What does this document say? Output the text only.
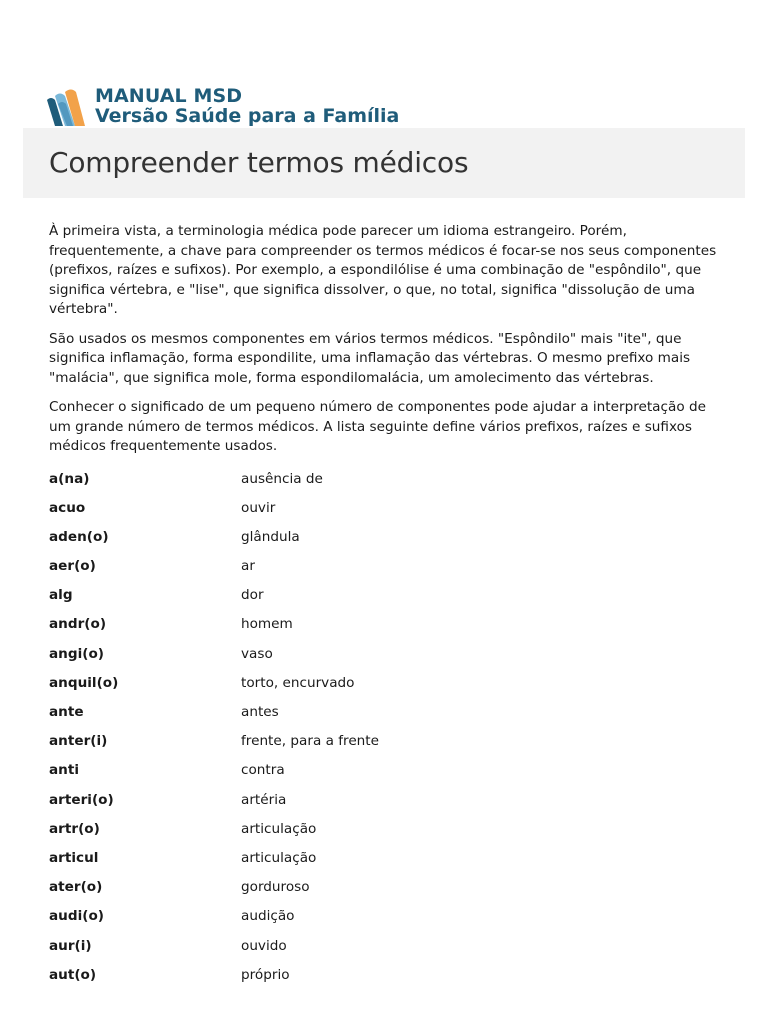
MANUAL MSD
Versão Saúde para a Família
Compreender termos médicos

À primeira vista, a terminologia médica pode parecer um idioma estrangeiro. Porém, frequentemente, a chave para compreender os termos médicos é focar-se nos seus componentes (prefixos, raízes e sufixos). Por exemplo, a espondilólise é uma combinação de "espôndilo", que significa vértebra, e "lise", que significa dissolver, o que, no total, significa "dissolução de uma vértebra".

São usados os mesmos componentes em vários termos médicos. "Espôndilo" mais "ite", que significa inflamação, forma espondilite, uma inflamação das vértebras. O mesmo prefixo mais "malácia", que significa mole, forma espondilomalácia, um amolecimento das vértebras.

Conhecer o significado de um pequeno número de componentes pode ajudar a interpretação de um grande número de termos médicos. A lista seguinte define vários prefixos, raízes e sufixos médicos frequentemente usados.

a(na)	ausência de
acuo	ouvir
aden(o)	glândula
aer(o)	ar
alg	dor
andr(o)	homem
angi(o)	vaso
anquil(o)	torto, encurvado
ante	antes
anter(i)	frente, para a frente
anti	contra
arteri(o)	artéria
artr(o)	articulação
articul	articulação
ater(o)	gorduroso
audi(o)	audição
aur(i)	ouvido
aut(o)	próprio
